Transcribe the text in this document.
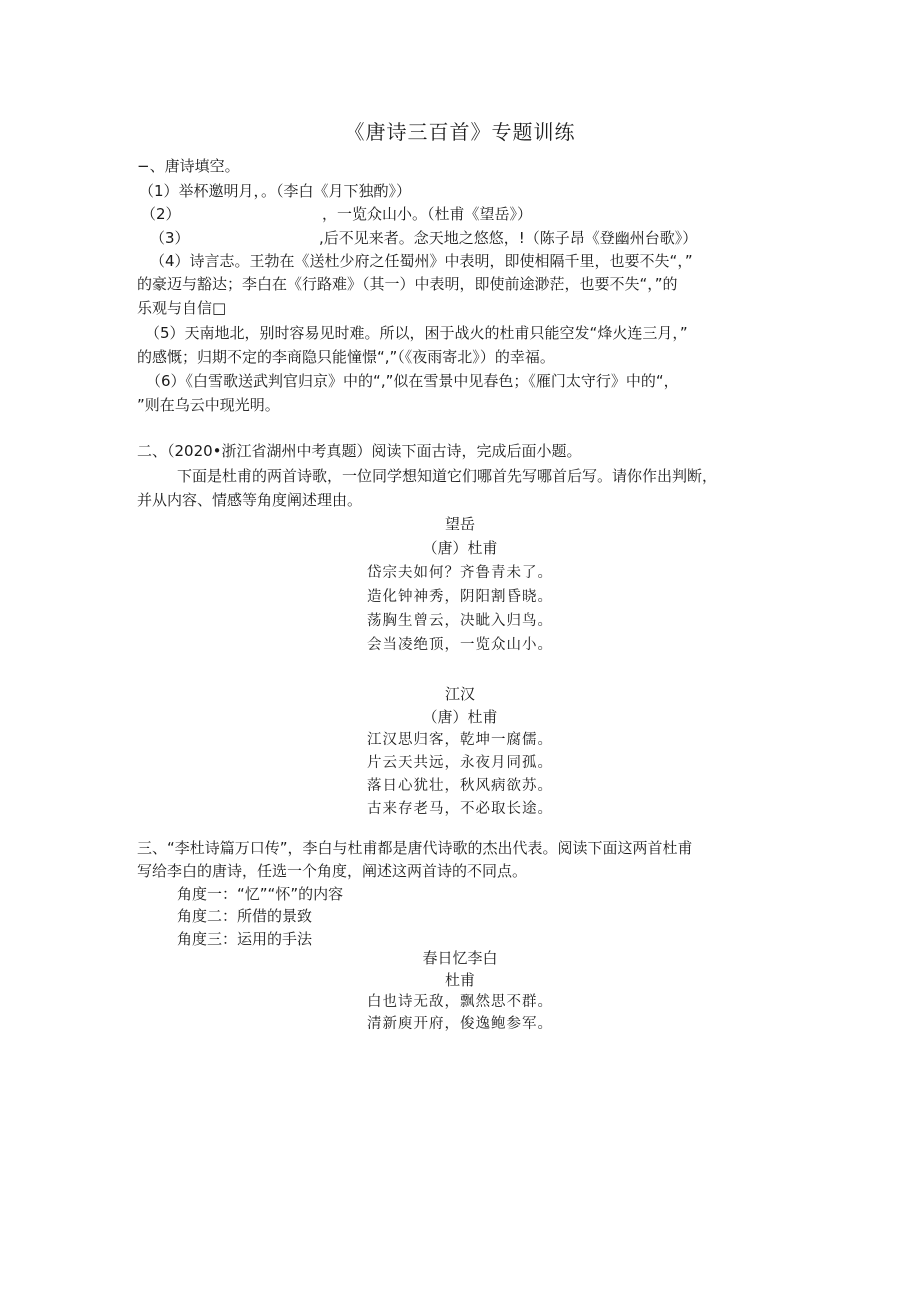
《唐诗三百首》专题训练
−、唐诗填空。
（1）举杯邀明月，。（李白《月下独酌》）
（2）	，一览众山小。（杜甫《望岳》）
（3）	,后不见来者。念天地之悠悠，!（陈子昂《登幽州台歌》）
（4）诗言志。王勃在《送杜少府之任蜀州》中表明，即使相隔千里，也要不失“，”
的豪迈与豁达；李白在《行路难》（其一）中表明，即使前途渺茫，也要不失“，”的
乐观与自信□
（5）天南地北，别时容易见时难。所以，困于战火的杜甫只能空发“烽火连三月，”
的感慨；归期不定的李商隐只能憧憬“,”（《夜雨寄北》）的幸福。
（6）《白雪歌送武判官归京》中的“,”似在雪景中见春色；《雁门太守行》中的“，
”则在乌云中现光明。
二、（2020•浙江省湖州中考真题）阅读下面古诗，完成后面小题。
下面是杜甫的两首诗歌，一位同学想知道它们哪首先写哪首后写。请你作出判断，
并从内容、情感等角度阐述理由。
望岳
（唐）杜甫
岱宗夫如何？齐鲁青未了。
造化钟神秀，阴阳割昏晓。
荡胸生曾云，决眦入归鸟。
会当凌绝顶，一览众山小。
江汉
（唐）杜甫
江汉思归客，乾坤一腐儒。
片云天共远，永夜月同孤。
落日心犹壮，秋风病欲苏。
古来存老马，不必取长途。
三、“李杜诗篇万口传”，李白与杜甫都是唐代诗歌的杰出代表。阅读下面这两首杜甫
写给李白的唐诗，任选一个角度，阐述这两首诗的不同点。
角度一：“忆”“怀”的内容
角度二：所借的景致
角度三：运用的手法
春日忆李白
杜甫
白也诗无敌，飘然思不群。
清新庾开府，俊逸鲍参军。
